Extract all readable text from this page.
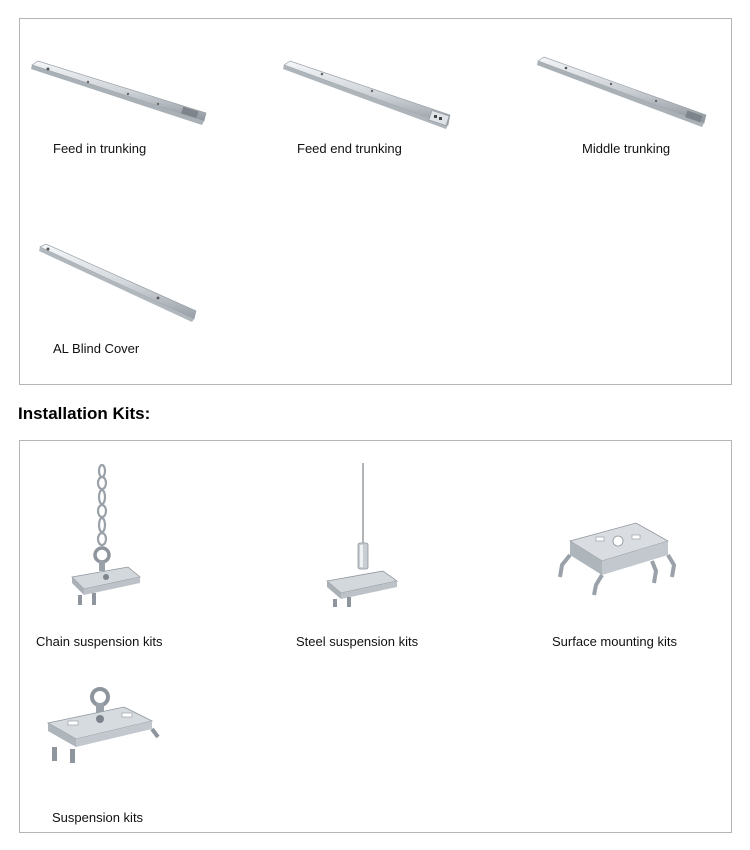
Feed in trunking	Feed end trunking	Middle trunking
AL Blind Cover
Installation Kits:
Chain suspension kits	Steel suspension kits	Surface mounting kits
Suspension kits
